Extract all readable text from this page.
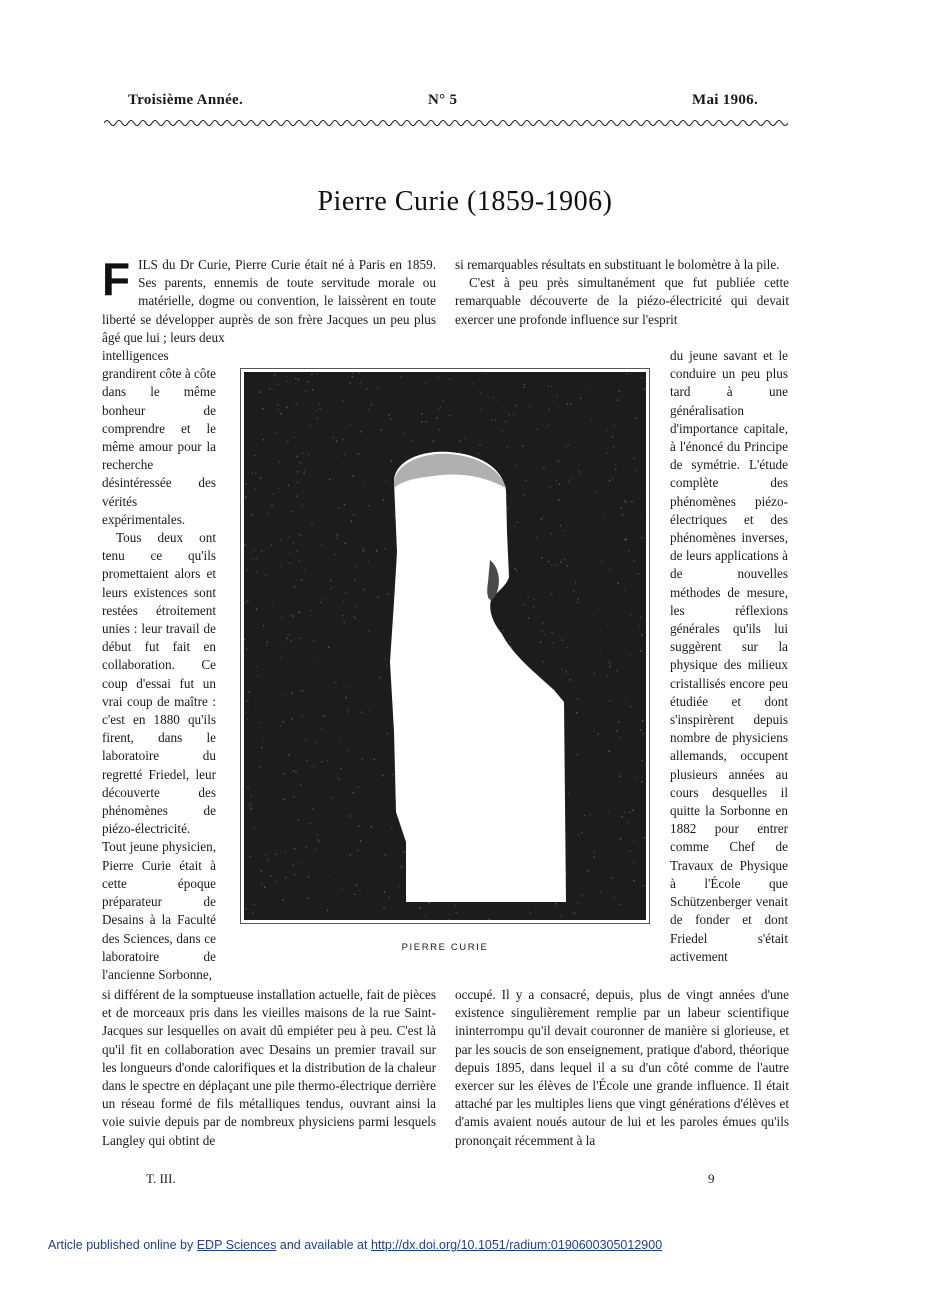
Troisième Année.	N° 5	Mai 1906.
Pierre Curie (1859-1906)

FILS du Dr Curie, Pierre Curie était né à Paris en 1859. Ses parents, ennemis de toute servitude morale ou matérielle, dogme ou convention, le laissèrent en toute liberté se développer auprès de son frère Jacques un peu plus âgé que lui ; leurs deux

si remarquables résultats en substituant le bolomètre à la pile.

C'est à peu près simultanément que fut publiée cette remarquable découverte de la piézo-électricité qui devait exercer une profonde influence sur l'esprit

intelligences grandirent côte à côte dans le même bonheur de comprendre et le même amour pour la recherche désintéressée des vérités expérimentales.

Tous deux ont tenu ce qu'ils promettaient alors et leurs existences sont restées étroitement unies : leur travail de début fut fait en collaboration. Ce coup d'essai fut un vrai coup de maître : c'est en 1880 qu'ils firent, dans le laboratoire du regretté Friedel, leur découverte des phénomènes de piézo-électricité. Tout jeune physicien, Pierre Curie était à cette époque préparateur de Desains à la Faculté des Sciences, dans ce laboratoire de l'ancienne Sorbonne,

du jeune savant et le conduire un peu plus tard à une généralisation d'importance capitale, à l'énoncé du Principe de symétrie. L'étude complète des phénomènes piézo-électriques et des phénomènes inverses, de leurs applications à de nouvelles méthodes de mesure, les réflexions générales qu'ils lui suggèrent sur la physique des milieux cristallisés encore peu étudiée et dont s'inspirèrent depuis nombre de physiciens allemands, occupent plusieurs années au cours desquelles il quitte la Sorbonne en 1882 pour entrer comme Chef de Travaux de Physique à l'École que Schützenberger venait de fonder et dont Friedel s'était activement

PIERRE CURIE

si différent de la somptueuse installation actuelle, fait de pièces et de morceaux pris dans les vieilles maisons de la rue Saint-Jacques sur lesquelles on avait dû empiéter peu à peu. C'est là qu'il fit en collaboration avec Desains un premier travail sur les longueurs d'onde calorifiques et la distribution de la chaleur dans le spectre en déplaçant une pile thermo-électrique derrière un réseau formé de fils métalliques tendus, ouvrant ainsi la voie suivie depuis par de nombreux physiciens parmi lesquels Langley qui obtint de

occupé. Il y a consacré, depuis, plus de vingt années d'une existence singulièrement remplie par un labeur scientifique ininterrompu qu'il devait couronner de manière si glorieuse, et par les soucis de son enseignement, pratique d'abord, théorique depuis 1895, dans lequel il a su d'un côté comme de l'autre exercer sur les élèves de l'École une grande influence. Il était attaché par les multiples liens que vingt générations d'élèves et d'amis avaient noués autour de lui et les paroles émues qu'ils prononçait récemment à la

T. III.	9
Article published online by EDP Sciences and available at http://dx.doi.org/10.1051/radium:0190600305012900
